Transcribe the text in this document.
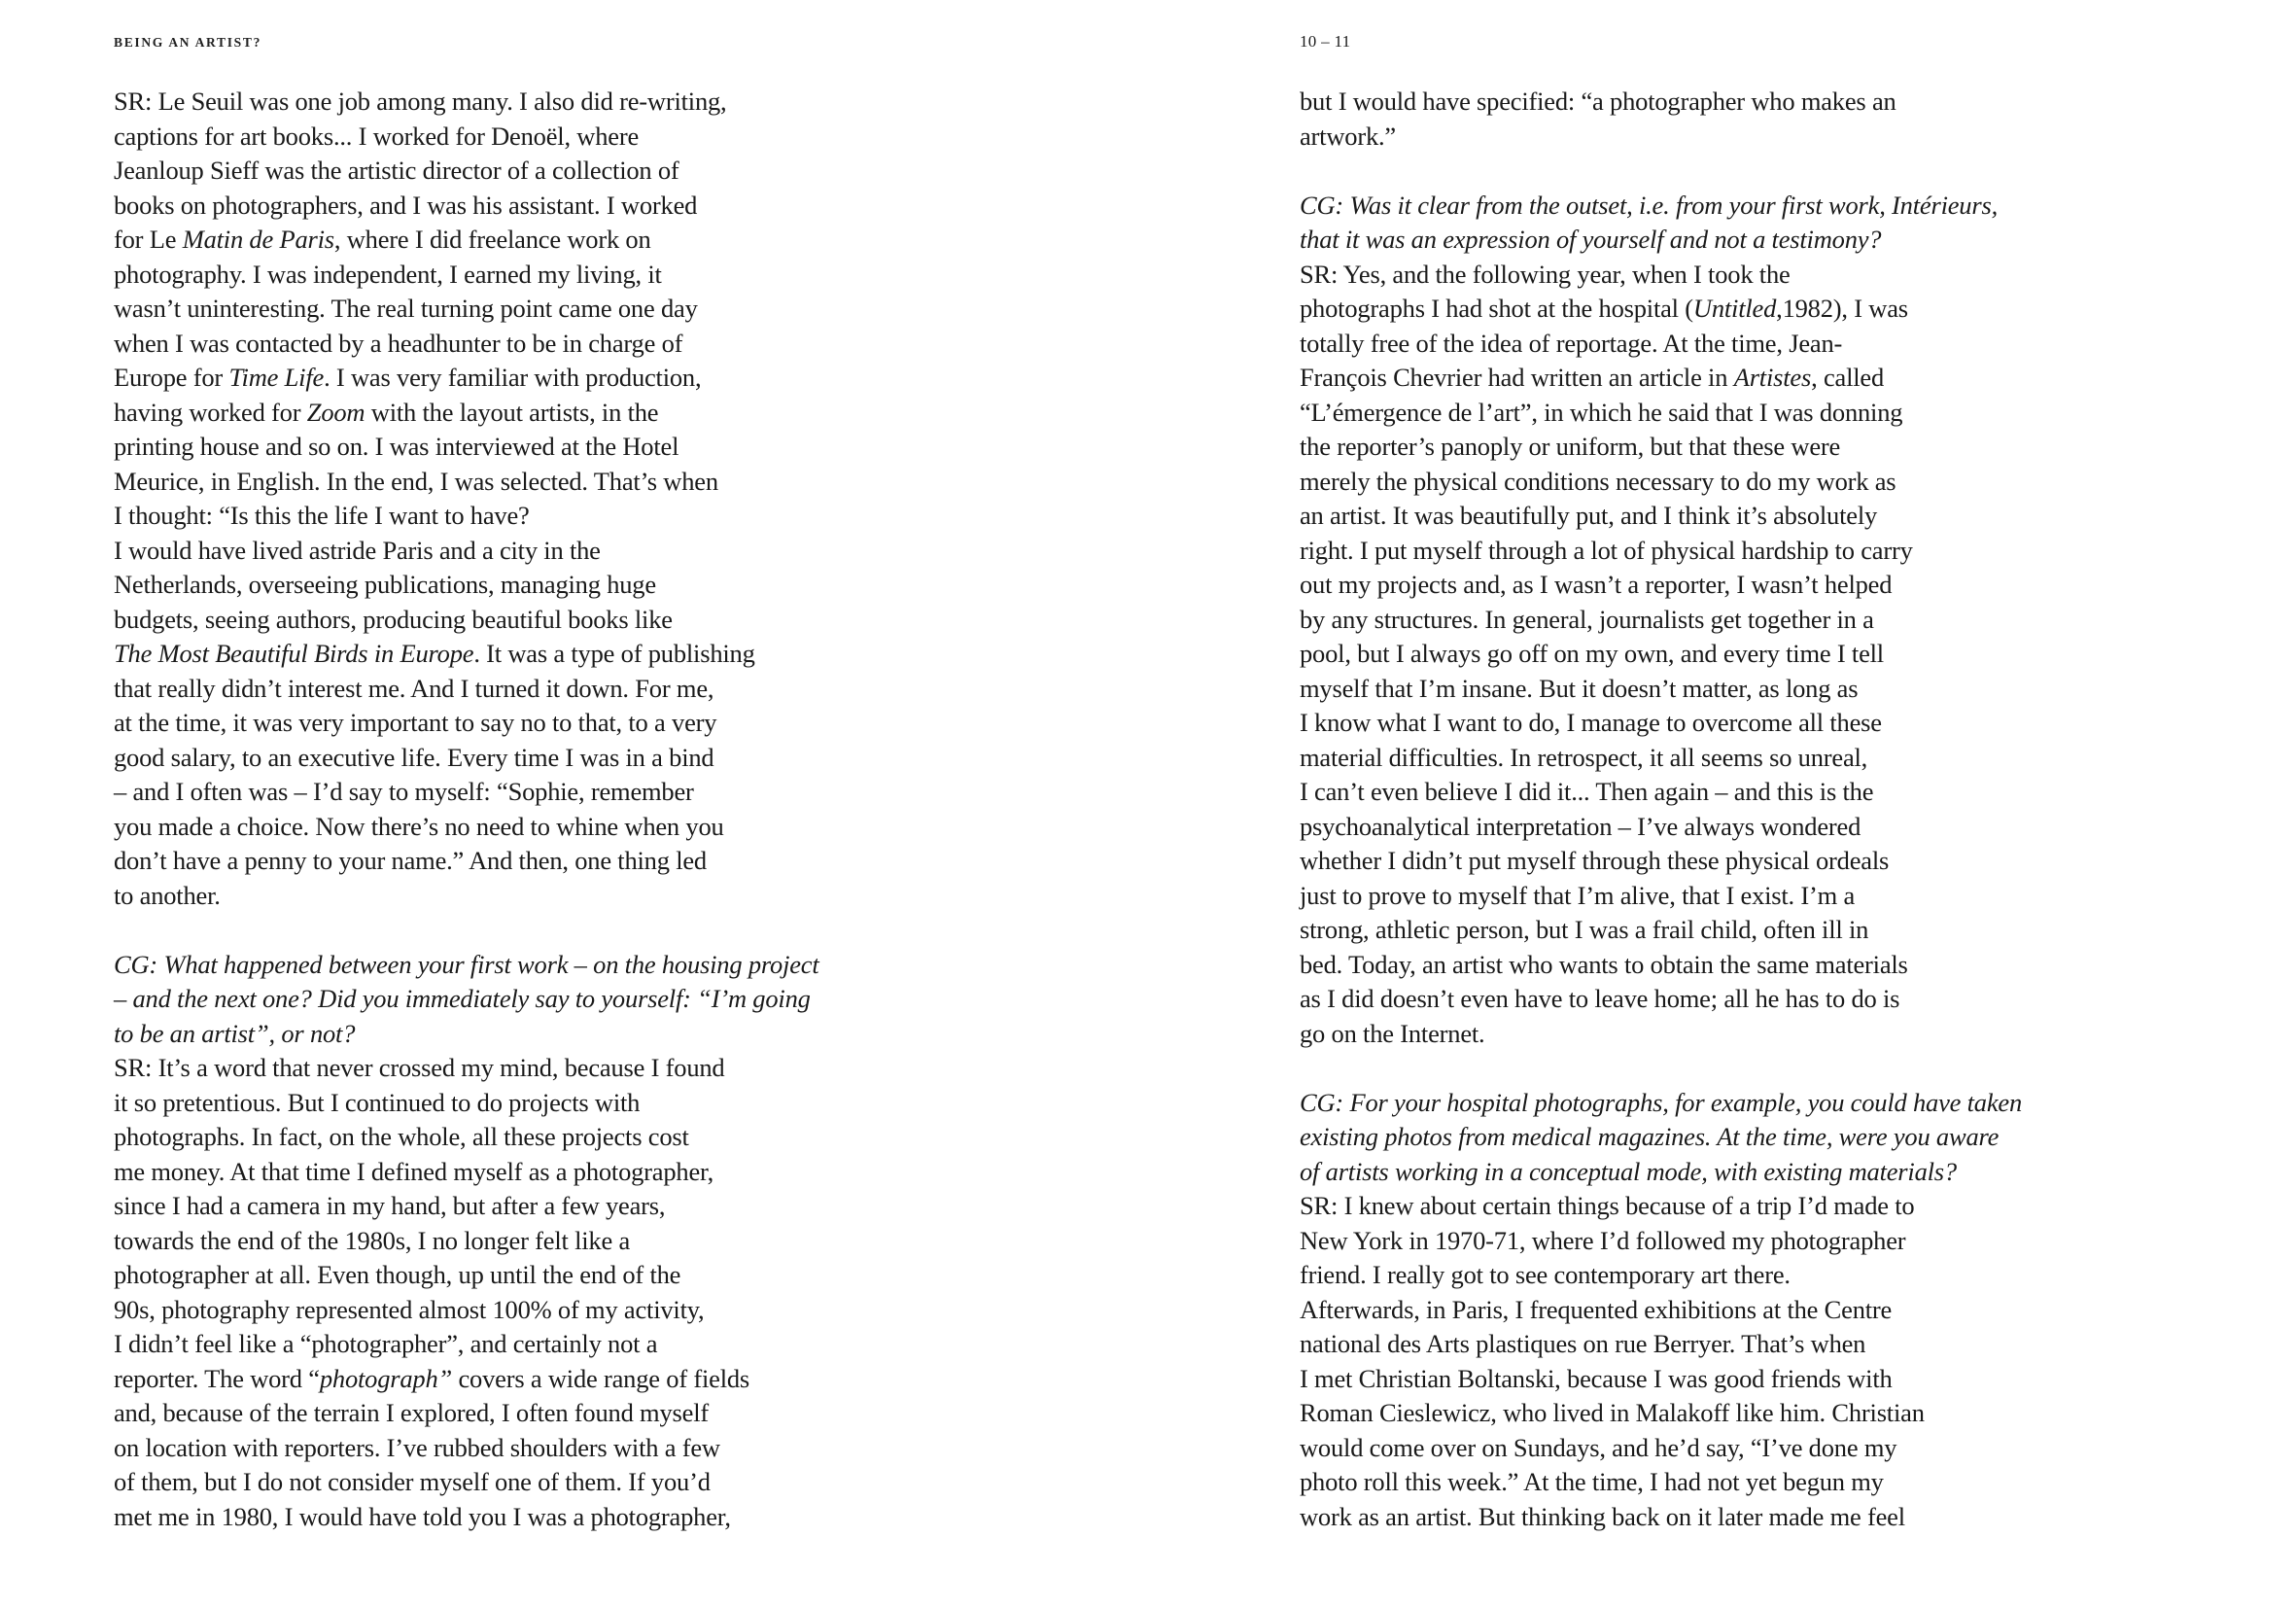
BEING AN ARTIST?
SR: Le Seuil was one job among many. I also did re-writing,
captions for art books... I worked for Denoël, where
Jeanloup Sieff was the artistic director of a collection of
books on photographers, and I was his assistant. I worked
for Le Matin de Paris, where I did freelance work on
photography. I was independent, I earned my living, it
wasn’t uninteresting. The real turning point came one day
when I was contacted by a headhunter to be in charge of
Europe for Time Life. I was very familiar with production,
having worked for Zoom with the layout artists, in the
printing house and so on. I was interviewed at the Hotel
Meurice, in English. In the end, I was selected. That’s when
I thought: “Is this the life I want to have?
I would have lived astride Paris and a city in the
Netherlands, overseeing publications, managing huge
budgets, seeing authors, producing beautiful books like
The Most Beautiful Birds in Europe. It was a type of publishing
that really didn’t interest me. And I turned it down. For me,
at the time, it was very important to say no to that, to a very
good salary, to an executive life. Every time I was in a bind
– and I often was – I’d say to myself: “Sophie, remember
you made a choice. Now there’s no need to whine when you
don’t have a penny to your name.” And then, one thing led
to another.
CG: What happened between your first work – on the housing project
– and the next one? Did you immediately say to yourself: “I’m going
to be an artist”, or not?
SR: It’s a word that never crossed my mind, because I found
it so pretentious. But I continued to do projects with
photographs. In fact, on the whole, all these projects cost
me money. At that time I defined myself as a photographer,
since I had a camera in my hand, but after a few years,
towards the end of the 1980s, I no longer felt like a
photographer at all. Even though, up until the end of the
90s, photography represented almost 100% of my activity,
I didn’t feel like a “photographer”, and certainly not a
reporter. The word “photograph” covers a wide range of fields
and, because of the terrain I explored, I often found myself
on location with reporters. I’ve rubbed shoulders with a few
of them, but I do not consider myself one of them. If you’d
met me in 1980, I would have told you I was a photographer,
10 – 11
but I would have specified: “a photographer who makes an
artwork.”
CG: Was it clear from the outset, i.e. from your first work, Intérieurs,
that it was an expression of yourself and not a testimony?
SR: Yes, and the following year, when I took the
photographs I had shot at the hospital (Untitled,1982), I was
totally free of the idea of reportage. At the time, Jean-
François Chevrier had written an article in Artistes, called
“L’émergence de l’art”, in which he said that I was donning
the reporter’s panoply or uniform, but that these were
merely the physical conditions necessary to do my work as
an artist. It was beautifully put, and I think it’s absolutely
right. I put myself through a lot of physical hardship to carry
out my projects and, as I wasn’t a reporter, I wasn’t helped
by any structures. In general, journalists get together in a
pool, but I always go off on my own, and every time I tell
myself that I’m insane. But it doesn’t matter, as long as
I know what I want to do, I manage to overcome all these
material difficulties. In retrospect, it all seems so unreal,
I can’t even believe I did it... Then again – and this is the
psychoanalytical interpretation – I’ve always wondered
whether I didn’t put myself through these physical ordeals
just to prove to myself that I’m alive, that I exist. I’m a
strong, athletic person, but I was a frail child, often ill in
bed. Today, an artist who wants to obtain the same materials
as I did doesn’t even have to leave home; all he has to do is
go on the Internet.
CG: For your hospital photographs, for example, you could have taken
existing photos from medical magazines. At the time, were you aware
of artists working in a conceptual mode, with existing materials?
SR: I knew about certain things because of a trip I’d made to
New York in 1970-71, where I’d followed my photographer
friend. I really got to see contemporary art there.
Afterwards, in Paris, I frequented exhibitions at the Centre
national des Arts plastiques on rue Berryer. That’s when
I met Christian Boltanski, because I was good friends with
Roman Cieslewicz, who lived in Malakoff like him. Christian
would come over on Sundays, and he’d say, “I’ve done my
photo roll this week.” At the time, I had not yet begun my
work as an artist. But thinking back on it later made me feel
